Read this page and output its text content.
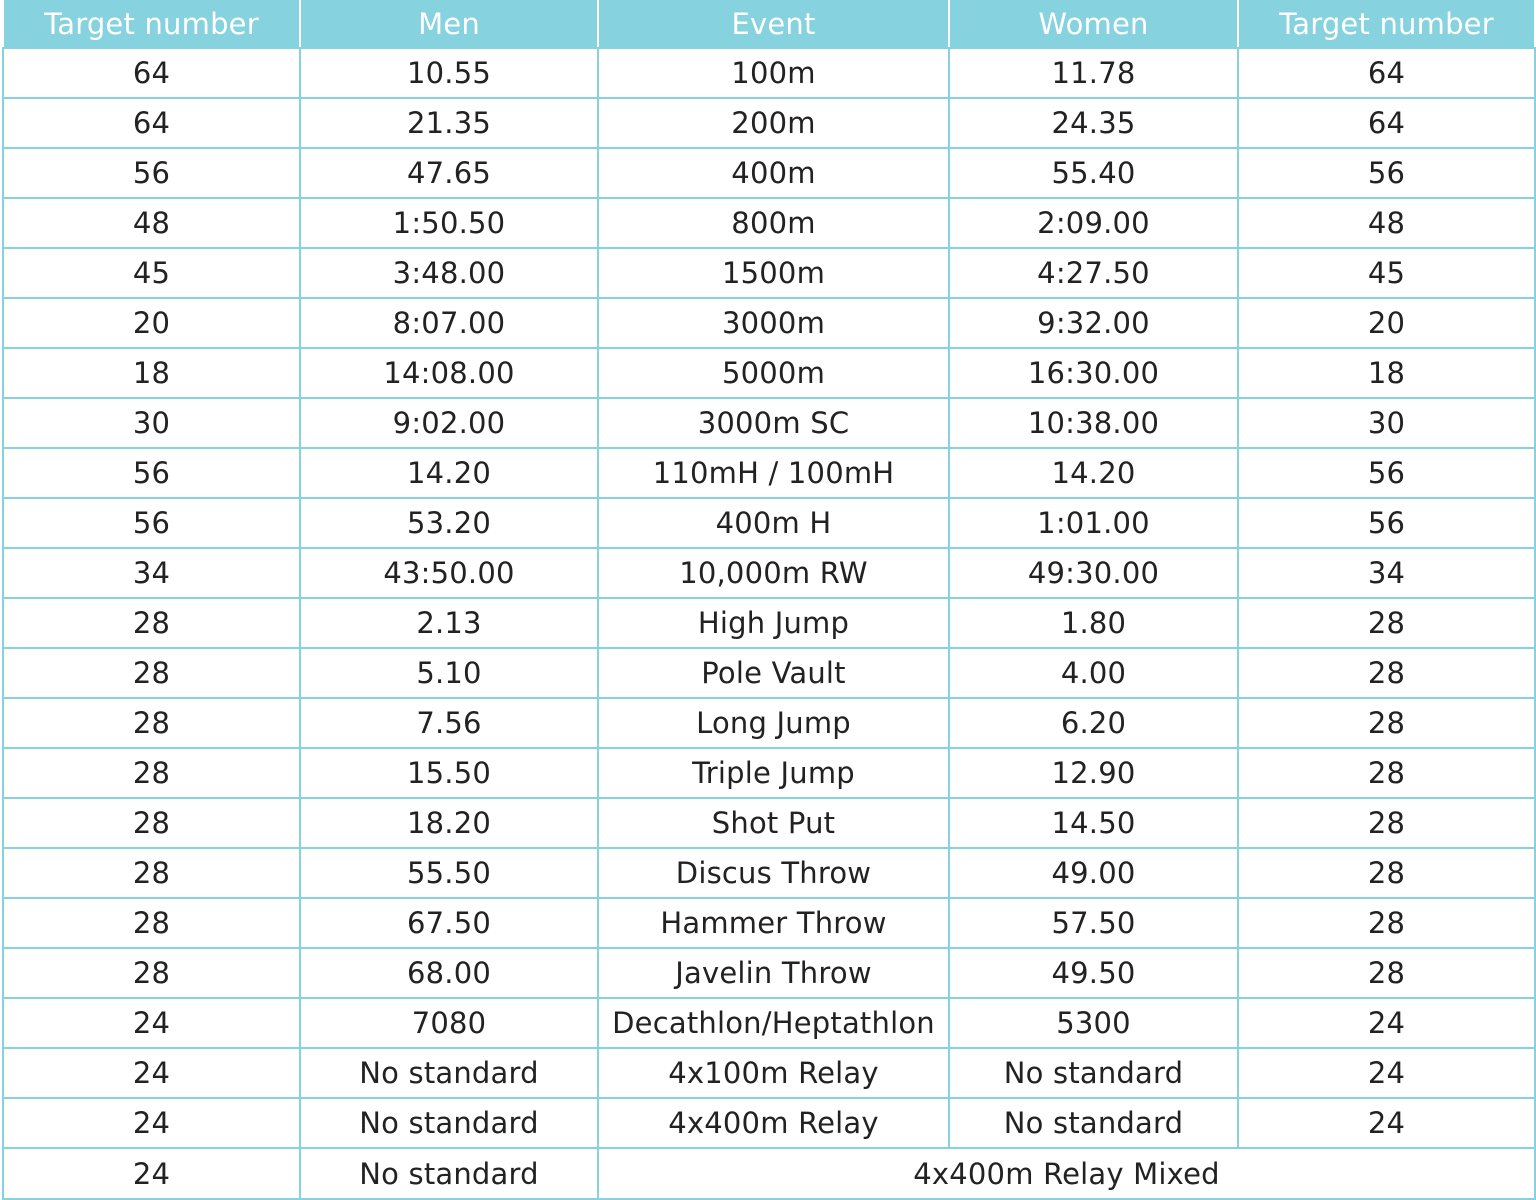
Target number	Men	Event	Women	Target number
64	10.55	100m	11.78	64
64	21.35	200m	24.35	64
56	47.65	400m	55.40	56
48	1:50.50	800m	2:09.00	48
45	3:48.00	1500m	4:27.50	45
20	8:07.00	3000m	9:32.00	20
18	14:08.00	5000m	16:30.00	18
30	9:02.00	3000m SC	10:38.00	30
56	14.20	110mH / 100mH	14.20	56
56	53.20	400m H	1:01.00	56
34	43:50.00	10,000m RW	49:30.00	34
28	2.13	High Jump	1.80	28
28	5.10	Pole Vault	4.00	28
28	7.56	Long Jump	6.20	28
28	15.50	Triple Jump	12.90	28
28	18.20	Shot Put	14.50	28
28	55.50	Discus Throw	49.00	28
28	67.50	Hammer Throw	57.50	28
28	68.00	Javelin Throw	49.50	28
24	7080	Decathlon/Heptathlon	5300	24
24	No standard	4x100m Relay	No standard	24
24	No standard	4x400m Relay	No standard	24
24	No standard	4x400m Relay Mixed		
